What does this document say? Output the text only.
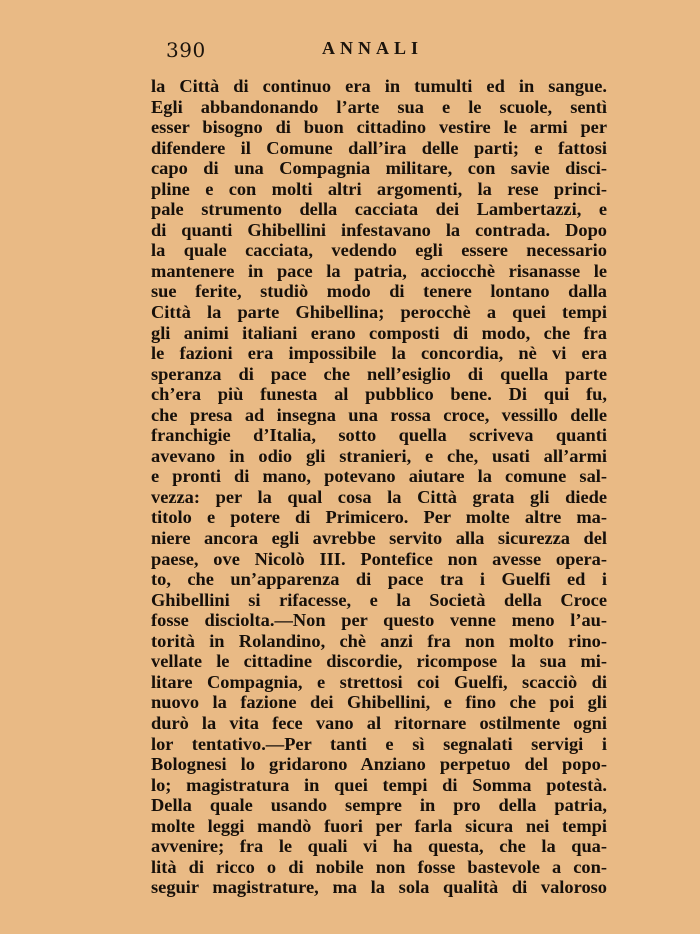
390	ANNALI
la Città di continuo era in tumulti ed in sangue.
Egli abbandonando l’arte sua e le scuole, sentì
esser bisogno di buon cittadino vestire le armi per
difendere il Comune dall’ira delle parti; e fattosi
capo di una Compagnia militare, con savie disci-
pline e con molti altri argomenti, la rese princi-
pale strumento della cacciata dei Lambertazzi, e
di quanti Ghibellini infestavano la contrada. Dopo
la quale cacciata, vedendo egli essere necessario
mantenere in pace la patria, acciocchè risanasse le
sue ferite, studiò modo di tenere lontano dalla
Città la parte Ghibellina; perocchè a quei tempi
gli animi italiani erano composti di modo, che fra
le fazioni era impossibile la concordia, nè vi era
speranza di pace che nell’esiglio di quella parte
ch’era più funesta al pubblico bene. Di qui fu,
che presa ad insegna una rossa croce, vessillo delle
franchigie d’Italia, sotto quella scriveva quanti
avevano in odio gli stranieri, e che, usati all’armi
e pronti di mano, potevano aiutare la comune sal-
vezza: per la qual cosa la Città grata gli diede
titolo e potere di Primicero. Per molte altre ma-
niere ancora egli avrebbe servito alla sicurezza del
paese, ove Nicolò III. Pontefice non avesse opera-
to, che un’apparenza di pace tra i Guelfi ed i
Ghibellini si rifacesse, e la Società della Croce
fosse disciolta.—Non per questo venne meno l’au-
torità in Rolandino, chè anzi fra non molto rino-
vellate le cittadine discordie, ricompose la sua mi-
litare Compagnia, e strettosi coi Guelfi, scacciò di
nuovo la fazione dei Ghibellini, e fino che poi gli
durò la vita fece vano al ritornare ostilmente ogni
lor tentativo.—Per tanti e sì segnalati servigi i
Bolognesi lo gridarono Anziano perpetuo del popo-
lo; magistratura in quei tempi di Somma potestà.
Della quale usando sempre in pro della patria,
molte leggi mandò fuori per farla sicura nei tempi
avvenire; fra le quali vi ha questa, che la qua-
lità di ricco o di nobile non fosse bastevole a con-
seguir magistrature, ma la sola qualità di valoroso
